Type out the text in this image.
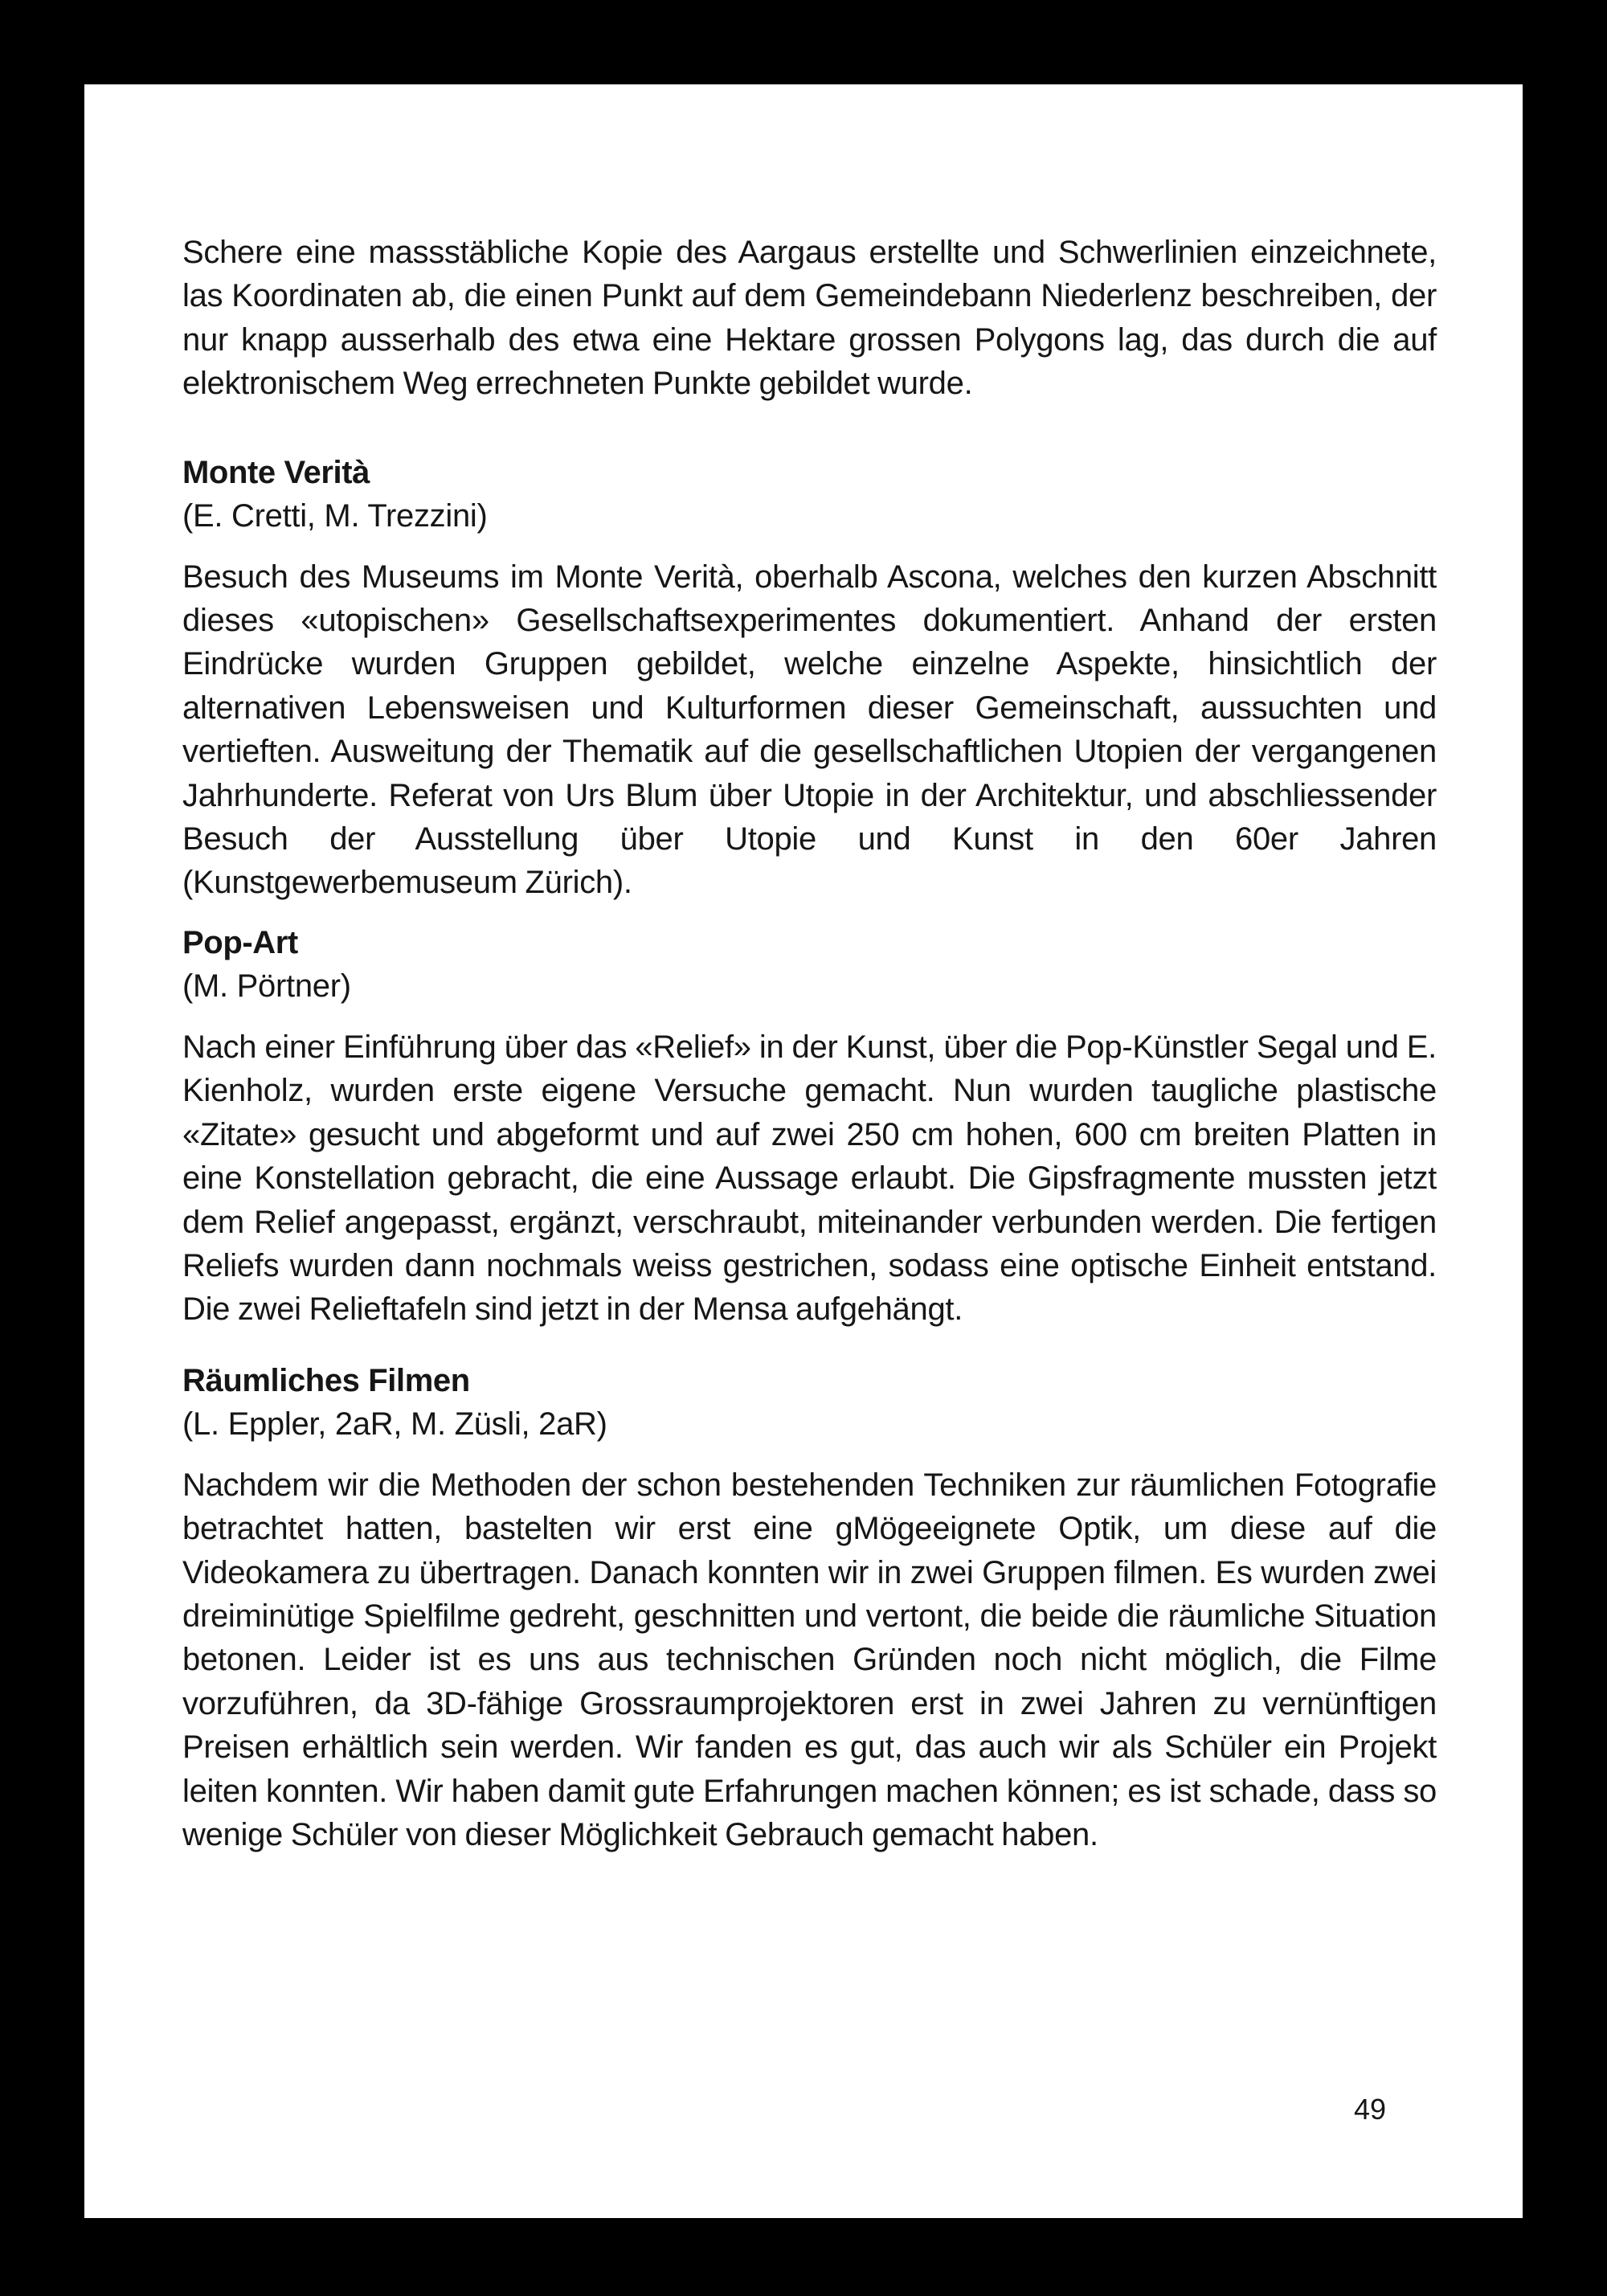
Schere eine massstäbliche Kopie des Aargaus erstellte und Schwerlinien einzeichnete, las Koordinaten ab, die einen Punkt auf dem Gemeindebann Niederlenz beschreiben, der nur knapp ausserhalb des etwa eine Hektare grossen Polygons lag, das durch die auf elektronischem Weg errechneten Punkte gebildet wurde.

Monte Verità

(E. Cretti, M. Trezzini)

Besuch des Museums im Monte Verità, oberhalb Ascona, welches den kurzen Abschnitt dieses «utopischen» Gesellschaftsexperimentes dokumentiert. Anhand der ersten Eindrücke wurden Gruppen gebildet, welche einzelne Aspekte, hinsichtlich der alternativen Lebensweisen und Kulturformen dieser Gemeinschaft, aussuchten und vertieften. Ausweitung der Thematik auf die gesellschaftlichen Utopien der vergangenen Jahrhunderte. Referat von Urs Blum über Utopie in der Architektur, und abschliessender Besuch der Ausstellung über Utopie und Kunst in den 60er Jahren (Kunstgewerbemuseum Zürich).

Pop-Art

(M. Pörtner)

Nach einer Einführung über das «Relief» in der Kunst, über die Pop-Künstler Segal und E. Kienholz, wurden erste eigene Versuche gemacht. Nun wurden taugliche plastische «Zitate» gesucht und abgeformt und auf zwei 250 cm hohen, 600 cm breiten Platten in eine Konstellation gebracht, die eine Aussage erlaubt. Die Gipsfragmente mussten jetzt dem Relief angepasst, ergänzt, verschraubt, miteinander verbunden werden. Die fertigen Reliefs wurden dann nochmals weiss gestrichen, sodass eine optische Einheit entstand. Die zwei Relieftafeln sind jetzt in der Mensa aufgehängt.

Räumliches Filmen

(L. Eppler, 2aR, M. Züsli, 2aR)

Nachdem wir die Methoden der schon bestehenden Techniken zur räumlichen Fotografie betrachtet hatten, bastelten wir erst eine gMögeeignete Optik, um diese auf die Videokamera zu übertragen. Danach konnten wir in zwei Gruppen filmen. Es wurden zwei dreiminütige Spielfilme gedreht, geschnitten und vertont, die beide die räumliche Situation betonen. Leider ist es uns aus technischen Gründen noch nicht möglich, die Filme vorzuführen, da 3D-fähige Grossraumprojektoren erst in zwei Jahren zu vernünftigen Preisen erhältlich sein werden. Wir fanden es gut, das auch wir als Schüler ein Projekt leiten konnten. Wir haben damit gute Erfahrungen machen können; es ist schade, dass so wenige Schüler von dieser Möglichkeit Gebrauch gemacht haben.

49
